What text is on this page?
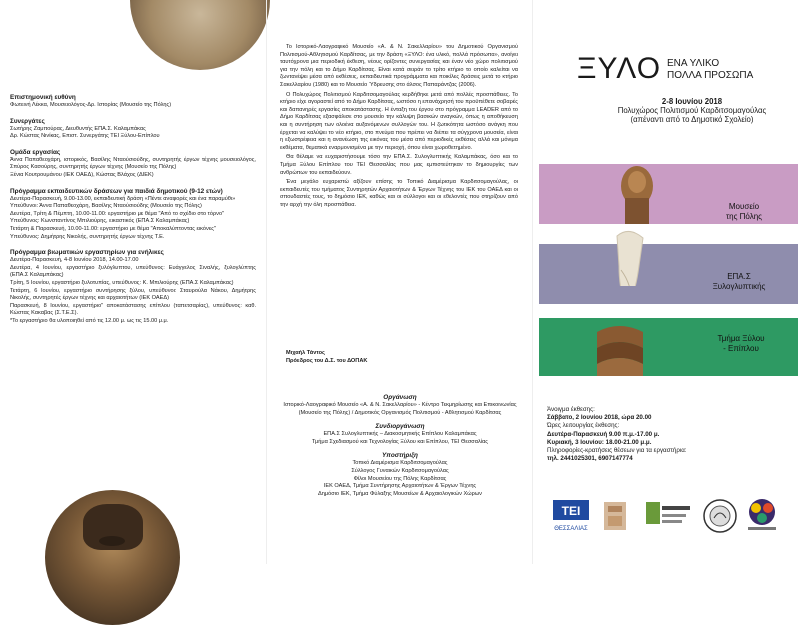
Επιστημονική ευθύνη

Φωτεινή Λέκκα, Μουσειολόγος-Δρ. Ιστορίας (Μουσείο της Πόλης)

Συνεργάτες

Σωτήρης Ζαμπούρας, Διευθυντής ΕΠΑ.Σ. Καλαμπάκας

Δρ. Κώστας Νινίκας, Επιστ. Συνεργάτης ΤΕΙ Ξύλου-Επίπλου

Ομάδα εργασίας

Άννα Παπαθεοχάρη, ιστορικός, Βασίλης Νταούσιούδης, συντηρητής έργων τέχνης μουσειολόγος, Σπύρος Κασούρης, συντηρητής έργων τέχνης (Μουσείο της Πόλης)

Ξένια Κουτρουμάνου (ΙΕΚ ΟΑΕΔ), Κώστας Βλάχος (ΔΙΕΚ)

Πρόγραμμα εκπαιδευτικών δράσεων για παιδιά δημοτικού (9-12 ετών)

Δευτέρα-Παρασκευή, 9.00-13.00, εκπαιδευτική δράση «Πέντε αναφορές και ένα παραμύθι»

Υπεύθυνοι: Άννα Παπαθεοχάρη, Βασίλης Νταούσιούδης (Μουσείο της Πόλης)

Δευτέρα, Τρίτη & Πέμπτη, 10.00-11.00: εργαστήριο με θέμα "Από το σχέδιο στο τόρνο"

Υπεύθυνος: Κωνσταντίνος Μπιλιούρης, εικαστικός (ΕΠΑ.Σ Καλαμπάκας)

Τετάρτη & Παρασκευή, 10.00-11.00: εργαστήριο με θέμα "Αποκαλύπτοντας εικόνες"

Υπεύθυνος: Δημήτρης Νικολής, συντηρητής έργων τέχνης Τ.Ε.

Πρόγραμμα βιωματικών εργαστηρίων για ενήλικες

Δευτέρα-Παρασκευή, 4-8 Ιουνίου 2018, 14.00-17.00

Δευτέρα, 4 Ιουνίου, εργαστήριο ξυλόγλυπτου, υπεύθυνος: Ευάγγελος Σιναλής, ξυλογλύπτης (ΕΠΑ.Σ Καλαμπάκας)

Τρίτη, 5 Ιουνίου, εργαστήριο ξυλοτυπίας, υπεύθυνος: Κ. Μπιλιούρης (ΕΠΑ.Σ Καλαμπάκας)

Τετάρτη, 6 Ιουνίου, εργαστήριο συντήρησης ξύλου, υπεύθυνοι: Σταυρούλα Νάκου, Δημήτρης Νικολής, συντηρητές έργων τέχνης και αρχαιοτήτων (ΙΕΚ ΟΑΕΔ)

Παρασκευή, 8 Ιουνίου, εργαστήριο" αποκατάστασης επίπλου (ταπετσαρίας), υπεύθυνος: καθ. Κώστας Κακαβας (Σ.Τ.Ε.Σ).

*Το εργαστήριο θα υλοποιηθεί από τις 12.00 μ. ως τις 15.00 μ.μ.

Το Ιστορικό-Λαογραφικό Μουσείο «Α. & Ν. Σακελλαρίου» του Δημοτικού Οργανισμού Πολιτισμού-Αθλητισμού Καρδίτσας, με την δράση «ΞΥΛΟ: ένα υλικό, πολλά πρόσωπα», ανοίγει ταυτόχρονα μια περιοδική έκθεση, νέους ορίζοντες συνεργασίας και έναν νέο χώρο πολιτισμού για την πόλη και το Δήμο Καρδίτσας. Είναι κατά σειράν το τρίτο κτήριο το οποίο καλείται να ζωντανέψει μέσα από εκθέσεις, εκπαιδευτικά προγράμματα και ποικίλες δράσεις μετά το κτήριο Σακελλαρίου (1980) και το Μουσείο Ύδρευσης στο άλσος Παπαράντζας (2006).

Ο Πολυχώρος Πολιτισμού Καρδιτσομαγούλας κερδήθηκε μετά από πολλές προσπάθειες. Το κτήριο είχε αγοραστεί από το Δήμο Καρδίτσας, ωστόσο η επανάχρησή του προϋπέθετε σοβαρές και δαπανηρές εργασίες αποκατάστασης. Η ένταξη του έργου στο πρόγραμμα LEADER από το Δήμο Καρδίτσας εξασφάλισε στο μουσείο την κάλυψη βασικών αναγκών, όπως η αποθήκευση και η συντήρηση των ολοένα αυξανόμενων συλλογών του. Η ζωτικότητα ωστόσο ανάγκη που έρχεται να καλύψει το νέο κτήριο, στο πνεύμα που πρέπει να διέπει τα σύγχρονα μουσεία, είναι η εξωστρέφεια και η ανανέωση της εικόνας του μέσα από περιοδικές εκθέσεις αλλά και μόνιμα εκθέματα, θεματικά εναρμονισμένα με την περιοχή, όπου είναι χωροθετημένο.

Θα θέλαμε να ευχαριστήσουμε τόσο την ΕΠΑ.Σ. Συλογλυπτικής Καλαμπάκας, όσο και το Τμήμα Ξύλου Επίπλου του ΤΕΙ Θεσσαλίας που μας εμπιστεύτηκαν το δημιουργίες των ανθρώπων του εκπαιδεύουν.

Ένα μεγάλο ευχαριστώ αξίζουν επίσης το Τοπικό Διαμέρισμα Καρδιτσομαγούλας, οι εκπαιδευτές του τμήματος Συντηρητών Αρχαιοτήτων & Έργων Τέχνης του ΙΕΚ του ΟΑΕΔ και οι σπουδαστές τους, το δημόσιο ΙΕΚ, καθώς και οι σύλλογοι και οι εθελοντές που στηρίζουν από την αρχή την όλη προσπάθεια.

Μιχαήλ Τάντος

Πρόεδρος του Δ.Σ. του ΔΟΠΑΚ

Οργάνωση

Ιστορικό-Λαογραφικό Μουσείο «Α. & Ν. Σακελλαρίου» - Κέντρο Τεκμηρίωσης και Επικοινωνίας (Μουσείο της Πόλης) / Δημοτικός Οργανισμός Πολιτισμού - Αθλητισμού Καρδίτσας

Συνδιοργάνωση

ΕΠΑ.Σ Συλογλυπτικής – Διακοσμητικής Επίπλου Καλαμπάκας

Τμήμα Σχεδιασμού και Τεχνολογίας Ξύλου και Επίπλου, ΤΕΙ Θεσσαλίας

Υποστήριξη

Τοπικό Διαμέρισμα Καρδιτσομαγούλας

Σύλλογος Γυναικών Καρδιτσομαγούλας

Φίλοι Μουσείου της Πόλης Καρδίτσας

ΙΕΚ ΟΑΕΔ, Τμήμα Συντήρησης Αρχαιοτήτων & Έργων Τέχνης

Δημόσιο ΙΕΚ, Τμήμα Φύλαξης Μουσείων & Αρχαιολογικών Χώρων

ΞΥΛΟ ΕΝΑ ΥΛΙΚΟ
ΠΟΛΛΑ ΠΡΟΣΩΠΑ
2-8 Ιουνίου 2018
Πολυχώρος Πολιτισμού Καρδιτσομαγούλας
(απέναντι από το Δημοτικό Σχολείο)
Μουσείο
της Πόλης
ΕΠΑ.Σ
Ξυλογλυπτικής
Τμήμα Ξύλου
- Επίπλου
Άνοιγμα έκθεσης:
Σάββατο, 2 Ιουνίου 2018, ώρα 20.00
Ώρες λειτουργίας έκθεσης:
Δευτέρα-Παρασκευή 9.00 π.μ.-17.00 μ.
Κυριακή, 3 Ιουνίου: 18.00-21.00 μ.μ.
Πληροφορίες-κρατήσεις θέσεων για τα εργαστήρια:
τηλ. 2441025301, 6907147774
ΤΕΙ
ΘΕΣΣΑΛΙΑΣ
